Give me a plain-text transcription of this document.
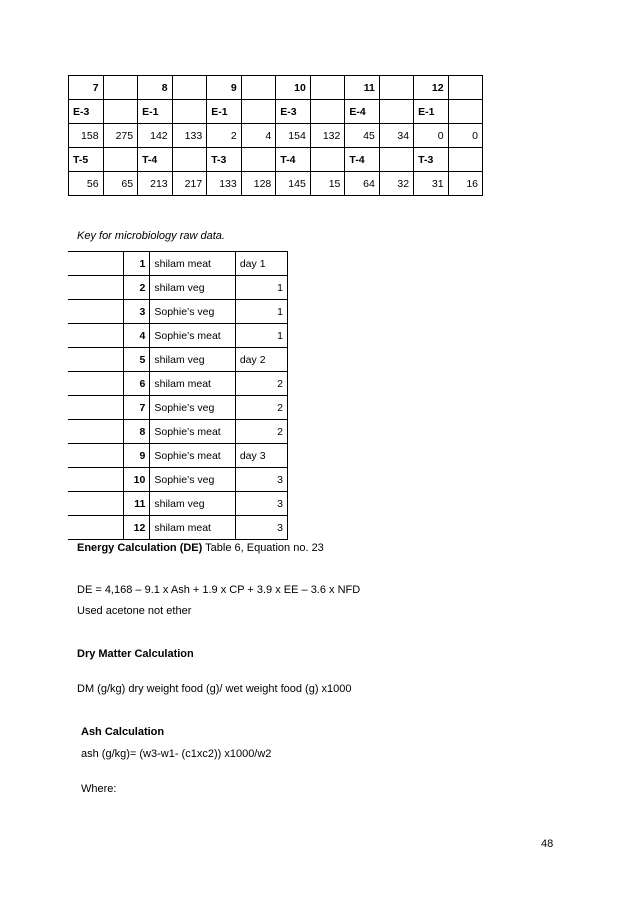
7		8		9		10		11		12	
E-3		E-1		E-1		E-3		E-4		E-1	
158	275	142	133	2	4	154	132	45	34	0	0
T-5		T-4		T-3		T-4		T-4		T-3	
56	65	213	217	133	128	145	15	64	32	31	16
Key for microbiology raw data.
	1	shilam meat	day 1
	2	shilam veg	1
	3	Sophie’s veg	1
	4	Sophie’s meat	1
	5	shilam veg	day 2
	6	shilam meat	2
	7	Sophie’s veg	2
	8	Sophie’s meat	2
	9	Sophie’s meat	day 3
	10	Sophie’s veg	3
	11	shilam veg	3
	12	shilam meat	3
Energy Calculation (DE) Table 6, Equation no. 23
DE = 4,168 – 9.1 x Ash + 1.9 x CP + 3.9 x EE – 3.6 x NFD
Used acetone not ether
Dry Matter Calculation
DM (g/kg) dry weight food (g)/ wet weight food (g) x1000
Ash Calculation
ash (g/kg)= (w3-w1- (c1xc2)) x1000/w2
Where:
48
